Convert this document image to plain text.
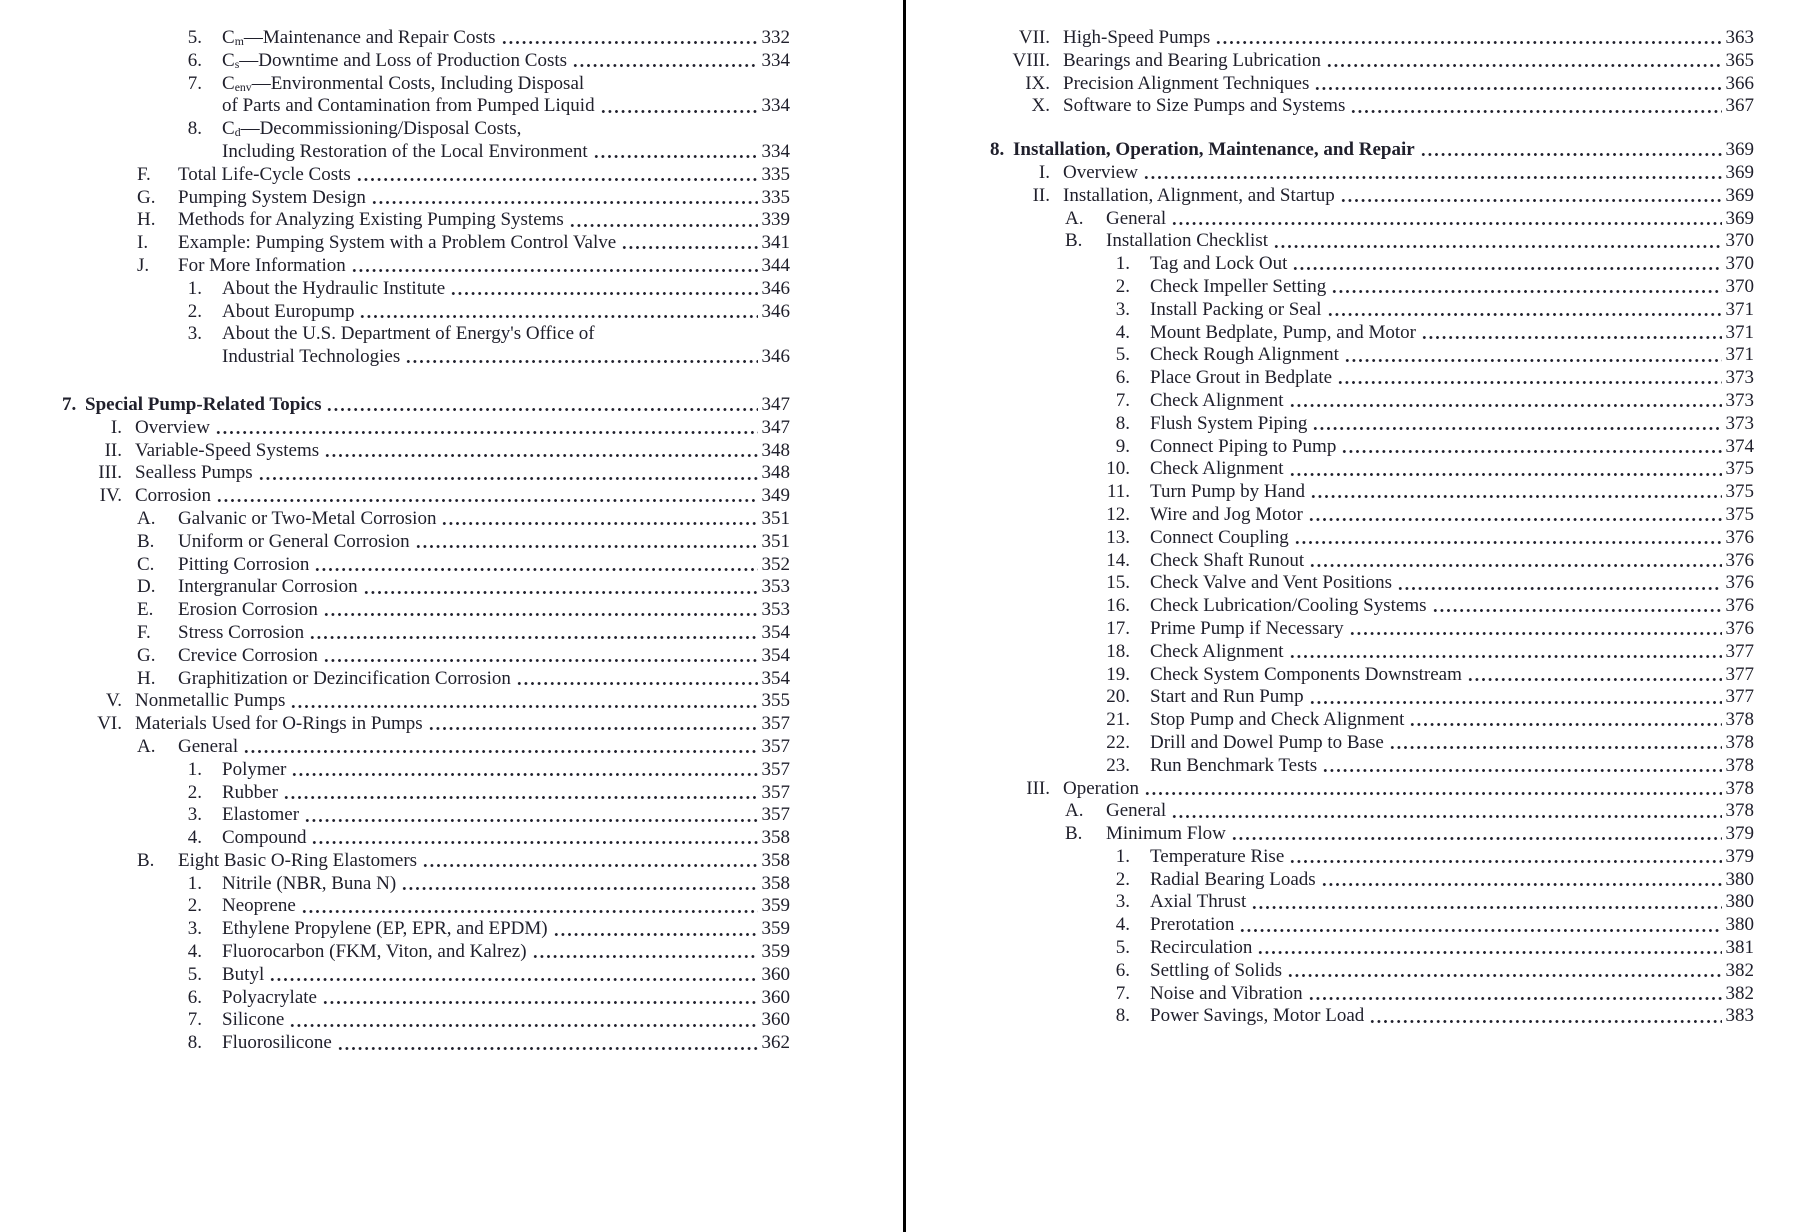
5. $C_m—Maintenance$ and Repair Costs	332
6. $C_s—Downtime$ and Loss of Production Costs	334
7. $C_{env}—Environmental$ Costs, Including Disposal
of Parts and Contamination from Pumped Liquid	334
8. $C_d—Decommissioning$/Disposal Costs,
Including Restoration of the Local Environment	334
F.	Total Life-Cycle Costs	335
G.	Pumping System Design	335
H.	Methods for Analyzing Existing Pumping Systems	339
I.	Example: Pumping System with a Problem Control Valve	341
J.	For More Information	344
1. About the Hydraulic Institute	346
2. About Europump	346
3. About the U.S. Department of Energy's Office of
Industrial Technologies	346
7. Special Pump-Related Topics	347
I. Overview	347
II. Variable-Speed Systems	348
III. Sealless Pumps	348
IV. Corrosion	349
A.	Galvanic or Two-Metal Corrosion	351
B.	Uniform or General Corrosion	351
C.	Pitting Corrosion	352
D.	Intergranular Corrosion	353
E.	Erosion Corrosion	353
F.	Stress Corrosion	354
G.	Crevice Corrosion	354
H.	Graphitization or Dezincification Corrosion	354
V. Nonmetallic Pumps	355
VI. Materials Used for O-Rings in Pumps	357
A.	General	357
1. Polymer	357
2. Rubber	357
3. Elastomer	357
4. Compound	358
B.	Eight Basic O-Ring Elastomers	358
1. Nitrile (NBR, Buna N)	358
2. Neoprene	359
3. Ethylene Propylene (EP, EPR, and EPDM)	359
4. Fluorocarbon (FKM, Viton, and Kalrez)	359
5. Butyl	360
6. Polyacrylate	360
7. Silicone	360
8. Fluorosilicone	362
VII. High-Speed Pumps	363
VIII. Bearings and Bearing Lubrication	365
IX. Precision Alignment Techniques	366
X. Software to Size Pumps and Systems	367
8. Installation, Operation, Maintenance, and Repair	369
I. Overview	369
II. Installation, Alignment, and Startup	369
A.	General	369
B.	Installation Checklist	370
1. Tag and Lock Out	370
2. Check Impeller Setting	370
3. Install Packing or Seal	371
4. Mount Bedplate, Pump, and Motor	371
5. Check Rough Alignment	371
6. Place Grout in Bedplate	373
7. Check Alignment	373
8. Flush System Piping	373
9. Connect Piping to Pump	374
10. Check Alignment	375
11. Turn Pump by Hand	375
12. Wire and Jog Motor	375
13. Connect Coupling	376
14. Check Shaft Runout	376
15. Check Valve and Vent Positions	376
16. Check Lubrication/Cooling Systems	376
17. Prime Pump if Necessary	376
18. Check Alignment	377
19. Check System Components Downstream	377
20. Start and Run Pump	377
21. Stop Pump and Check Alignment	378
22. Drill and Dowel Pump to Base	378
23. Run Benchmark Tests	378
III. Operation	378
A.	General	378
B.	Minimum Flow	379
1. Temperature Rise	379
2. Radial Bearing Loads	380
3. Axial Thrust	380
4. Prerotation	380
5. Recirculation	381
6. Settling of Solids	382
7. Noise and Vibration	382
8. Power Savings, Motor Load	383
